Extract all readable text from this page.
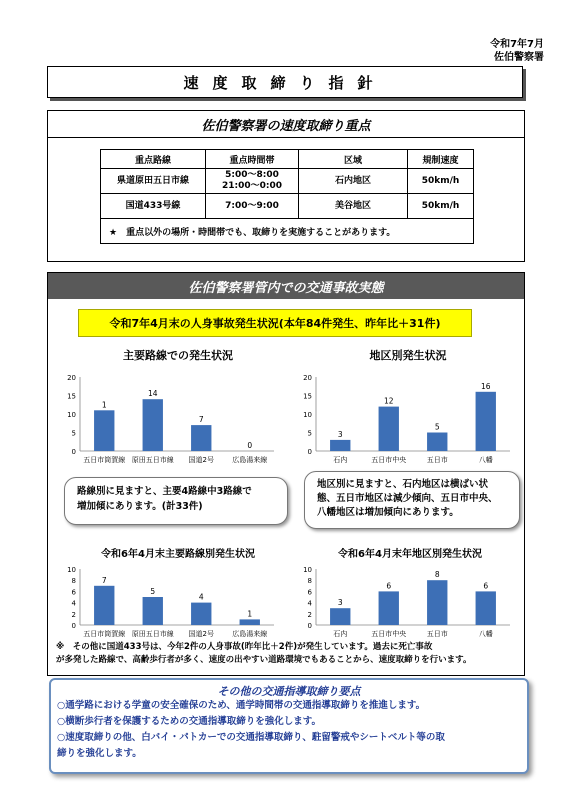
令和7年7月
佐伯警察署
速度取締り指針
佐伯警察署の速度取締り重点
重点路線	重点時間帯	区域	規制速度
県道原田五日市線	5:00～8:00
21:00～0:00	石内地区	50km/h
国道433号線	7:00～9:00	美谷地区	50km/h
★　重点以外の場所・時間帯でも、取締りを実施することがあります。			
佐伯警察署管内での交通事故実態
令和7年4月末の人身事故発生状況(本年84件発生、昨年比＋31件)
主要路線での発生状況	地区別発生状況
0
5
10
15
20
1
五日市筒賀線
14
原田五日市線
7
国道2号
0
広島湯来線
0
5
10
15
20
3
石内
12
五日市中央
5
五日市
16
八幡
路線別に見ますと、主要4路線中3路線で
増加傾にあります。(計33件)
地区別に見ますと、石内地区は横ばい状
態、五日市地区は減少傾向、五日市中央、
八幡地区は増加傾向にあります。
令和6年4月末主要路線別発生状況	令和6年4月末年地区別発生状況
0
2
4
6
8
10
7
五日市筒賀線
5
原田五日市線
4
国道2号
1
広島湯来線
0
2
4
6
8
10
3
石内
6
五日市中央
8
五日市
6
八幡
※　その他に国道433号は、今年2件の人身事故(昨年比＋2件)が発生しています。過去に死亡事故
が多発した路線で、高齢歩行者が多く、速度の出やすい道路環境でもあることから、速度取締りを行います。
その他の交通指導取締り要点
○通学路における学童の安全確保のため、通学時間帯の交通指導取締りを推進します。
○横断歩行者を保護するための交通指導取締りを強化します。
○速度取締りの他、白バイ・パトカーでの交通指導取締り、駐留警戒やシートベルト等の取
締りを強化します。
